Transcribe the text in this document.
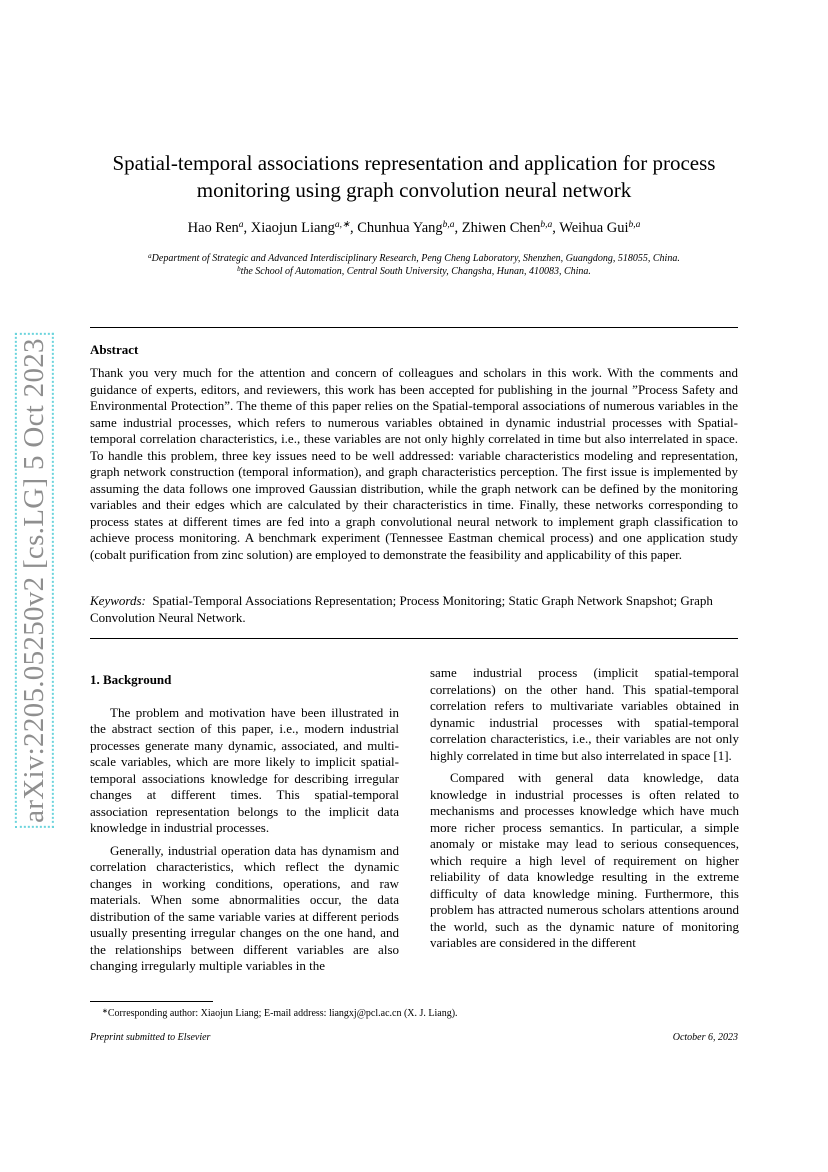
arXiv:2205.05250v2 [cs.LG] 5 Oct 2023
Spatial-temporal associations representation and application for process
monitoring using graph convolution neural network
Hao Ren$^a$, Xiaojun Liang$^{a,∗}$, Chunhua Yang$^{b,a}$, Zhiwen Chen$^{b,a}$, Weihua Gui$^{b,a}$
$^a$Department of Strategic and Advanced Interdisciplinary Research, Peng Cheng Laboratory, Shenzhen, Guangdong, 518055, China.
$^b$the School of Automation, Central South University, Changsha, Hunan, 410083, China.
Abstract
Thank you very much for the attention and concern of colleagues and scholars in this work. With the comments and guidance of experts, editors, and reviewers, this work has been accepted for publishing in the journal ”Process Safety and Environmental Protection”. The theme of this paper relies on the Spatial-temporal associations of numerous variables in the same industrial processes, which refers to numerous variables obtained in dynamic industrial processes with Spatial-temporal correlation characteristics, i.e., these variables are not only highly correlated in time but also interrelated in space. To handle this problem, three key issues need to be well addressed: variable characteristics modeling and representation, graph network construction (temporal information), and graph characteristics perception. The first issue is implemented by assuming the data follows one improved Gaussian distribution, while the graph network can be defined by the monitoring variables and their edges which are calculated by their characteristics in time. Finally, these networks corresponding to process states at different times are fed into a graph convolutional neural network to implement graph classification to achieve process monitoring. A benchmark experiment (Tennessee Eastman chemical process) and one application study (cobalt purification from zinc solution) are employed to demonstrate the feasibility and applicability of this paper.
Keywords: Spatial-Temporal Associations Representation; Process Monitoring; Static Graph Network Snapshot; Graph Convolution Neural Network.
1. Background

The problem and motivation have been illustrated in the abstract section of this paper, i.e., modern industrial processes generate many dynamic, associated, and multi-scale variables, which are more likely to implicit spatial-temporal associations knowledge for describing irregular changes at different times. This spatial-temporal association representation belongs to the implicit data knowledge in industrial processes.

Generally, industrial operation data has dynamism and correlation characteristics, which reflect the dynamic changes in working conditions, operations, and raw materials. When some abnormalities occur, the data distribution of the same variable varies at different periods usually presenting irregular changes on the one hand, and the relationships between different variables are also changing irregularly multiple variables in the

same industrial process (implicit spatial-temporal correlations) on the other hand. This spatial-temporal correlation refers to multivariate variables obtained in dynamic industrial processes with spatial-temporal correlation characteristics, i.e., their variables are not only highly correlated in time but also interrelated in space [1].

Compared with general data knowledge, data knowledge in industrial processes is often related to mechanisms and processes knowledge which have much more richer process semantics. In particular, a simple anomaly or mistake may lead to serious consequences, which require a high level of requirement on higher reliability of data knowledge resulting in the extreme difficulty of data knowledge mining. Furthermore, this problem has attracted numerous scholars attentions around the world, such as the dynamic nature of monitoring variables are considered in the different

∗Corresponding author: Xiaojun Liang; E-mail address: liangxj@pcl.ac.cn (X. J. Liang).
Preprint submitted to Elsevier	October 6, 2023
